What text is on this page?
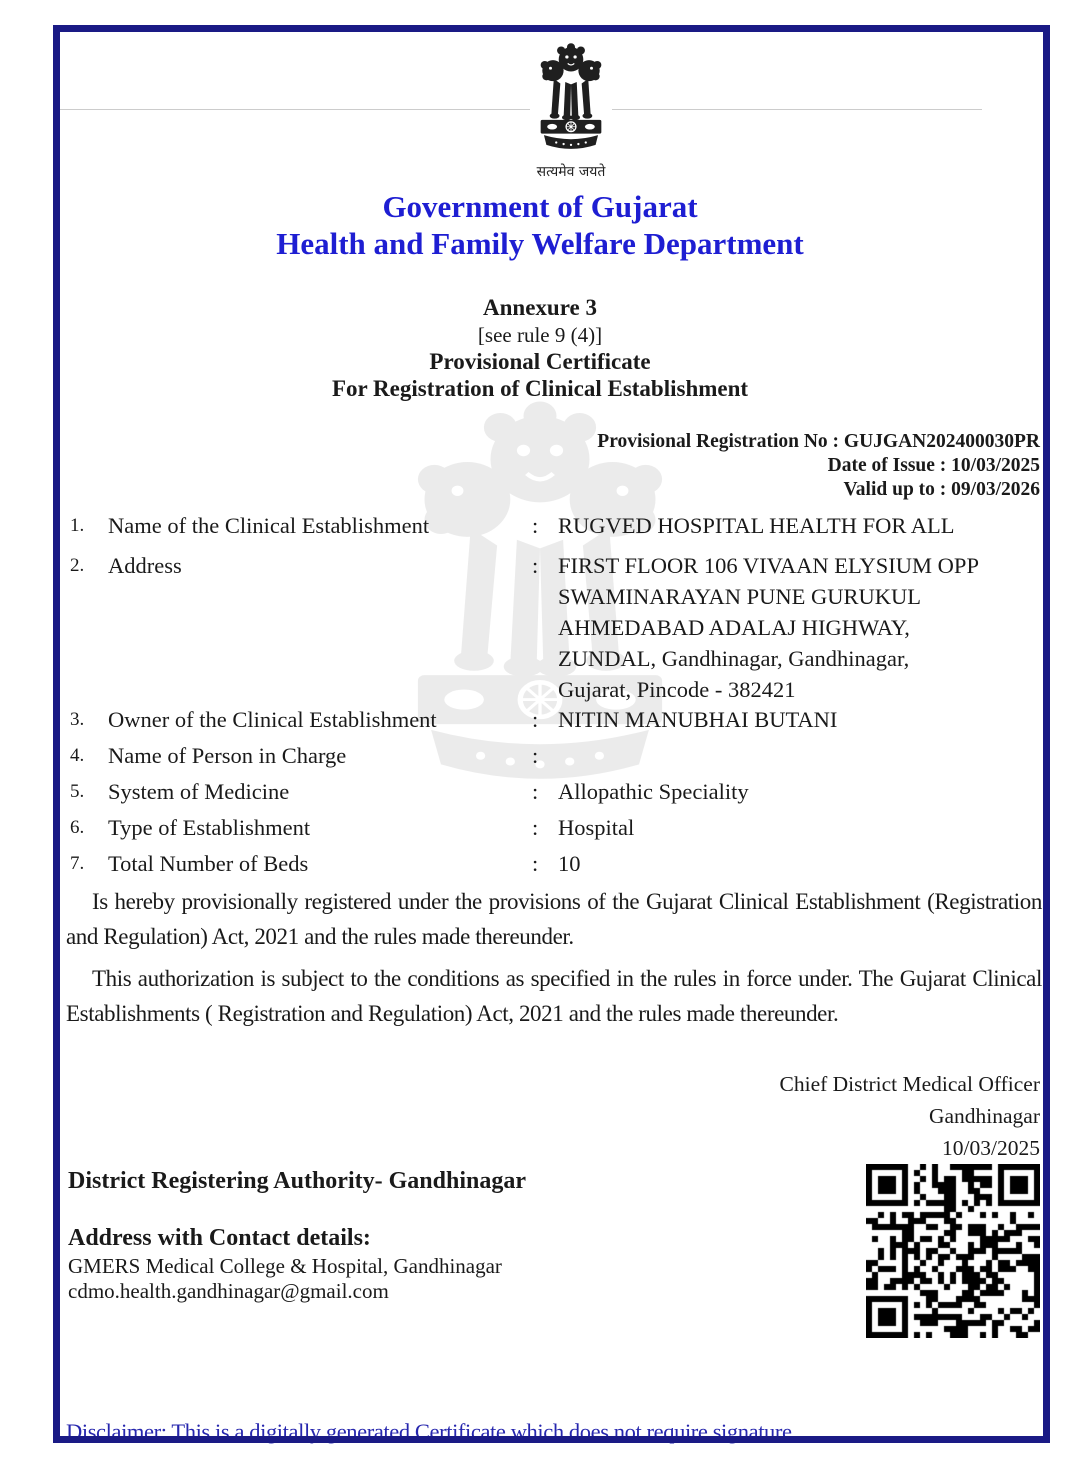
सत्यमेव जयते
Government of Gujarat
Health and Family Welfare Department
Annexure 3
[see rule 9 (4)]
Provisional Certificate
For Registration of Clinical Establishment
Provisional Registration No : GUJGAN202400030PR
Date of Issue : 10/03/2025
Valid up to : 09/03/2026
1.	Name of the Clinical Establishment	: RUGVED HOSPITAL HEALTH FOR ALL
2.	Address	: FIRST FLOOR 106 VIVAAN ELYSIUM OPP
SWAMINARAYAN PUNE GURUKUL
AHMEDABAD ADALAJ HIGHWAY,
ZUNDAL, Gandhinagar, Gandhinagar,
Gujarat, Pincode - 382421
3.	Owner of the Clinical Establishment	: NITIN MANUBHAI BUTANI
4.	Name of Person in Charge	:
5.	System of Medicine	: Allopathic Speciality
6.	Type of Establishment	: Hospital
7.	Total Number of Beds	: 10
Is hereby provisionally registered under the provisions of the Gujarat Clinical Establishment (Registration and Regulation) Act, 2021 and the rules made thereunder.
This authorization is subject to the conditions as specified in the rules in force under. The Gujarat Clinical Establishments ( Registration and Regulation) Act, 2021 and the rules made thereunder.
Chief District Medical Officer
Gandhinagar
10/03/2025
District Registering Authority- Gandhinagar
Address with Contact details:
GMERS Medical College & Hospital, Gandhinagar
cdmo.health.gandhinagar@gmail.com
Disclaimer: This is a digitally generated Certificate which does not require signature.
